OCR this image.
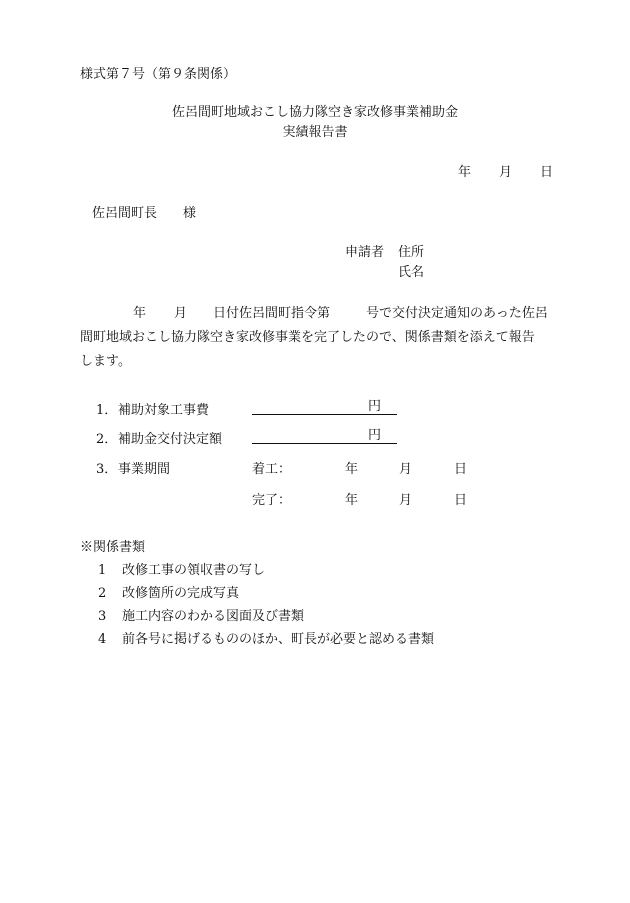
様式第７号（第９条関係）
佐呂間町地域おこし協力隊空き家改修事業補助金
実績報告書
年 月 日
佐呂間町長　　様
申請者 住所
氏名
年 月 日付佐呂間町指令第	号で交付決定通知のあった佐呂
間町地域おこし協力隊空き家改修事業を完了したので、関係書類を添えて報告
します。
1． 補助対象工事費	円
2． 補助金交付決定額	円
3． 事業期間	着工：	年	月	日
完了：	年	月	日
※関係書類
1 改修工事の領収書の写し
2 改修箇所の完成写真
3 施工内容のわかる図面及び書類
4 前各号に掲げるもののほか、町長が必要と認める書類
